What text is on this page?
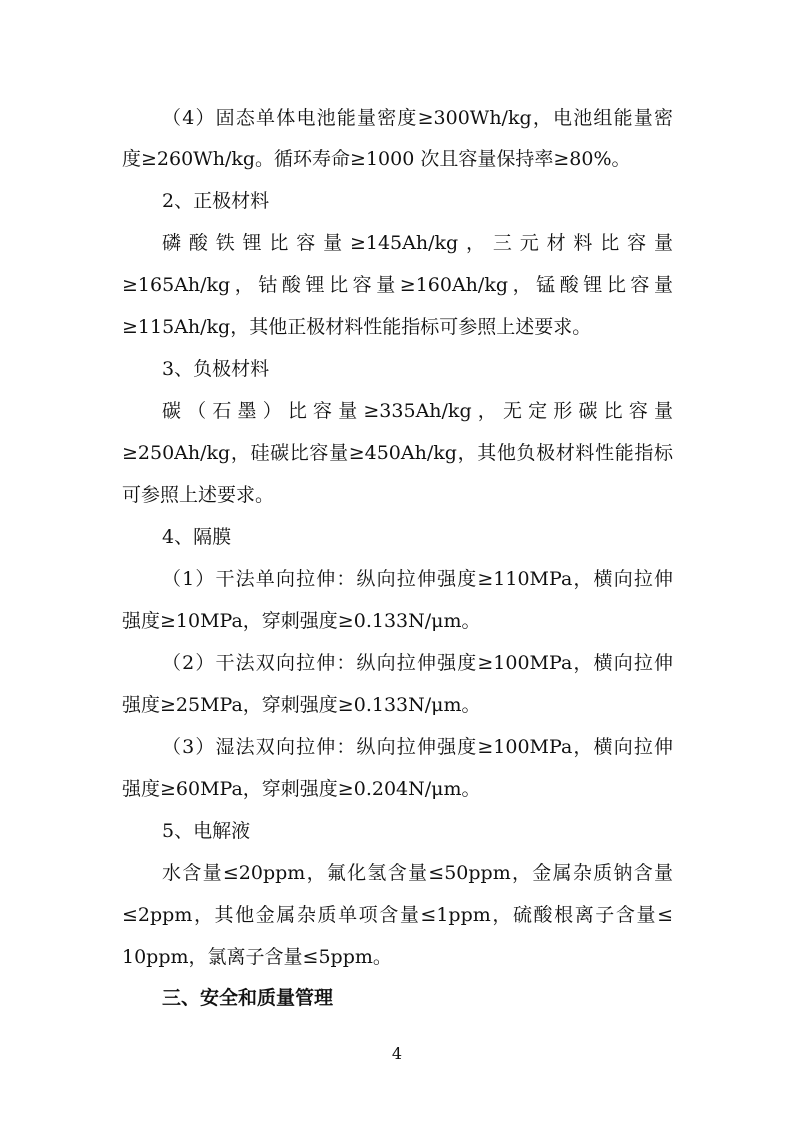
（4）固态单体电池能量密度≥300Wh/kg，电池组能量密
度≥260Wh/kg。循环寿命≥1000 次且容量保持率≥80%。
2、正极材料
磷酸铁锂比容量≥145Ah/kg，三元材料比容量
≥165Ah/kg，钴酸锂比容量≥160Ah/kg，锰酸锂比容量
≥115Ah/kg，其他正极材料性能指标可参照上述要求。
3、负极材料
碳（石墨）比容量≥335Ah/kg，无定形碳比容量
≥250Ah/kg，硅碳比容量≥450Ah/kg，其他负极材料性能指标
可参照上述要求。
4、隔膜
（1）干法单向拉伸：纵向拉伸强度≥110MPa，横向拉伸
强度≥10MPa，穿刺强度≥0.133N/μm。
（2）干法双向拉伸：纵向拉伸强度≥100MPa，横向拉伸
强度≥25MPa，穿刺强度≥0.133N/μm。
（3）湿法双向拉伸：纵向拉伸强度≥100MPa，横向拉伸
强度≥60MPa，穿刺强度≥0.204N/μm。
5、电解液
水含量≤20ppm，氟化氢含量≤50ppm，金属杂质钠含量
≤2ppm，其他金属杂质单项含量≤1ppm，硫酸根离子含量≤
10ppm，氯离子含量≤5ppm。
三、安全和质量管理
4
